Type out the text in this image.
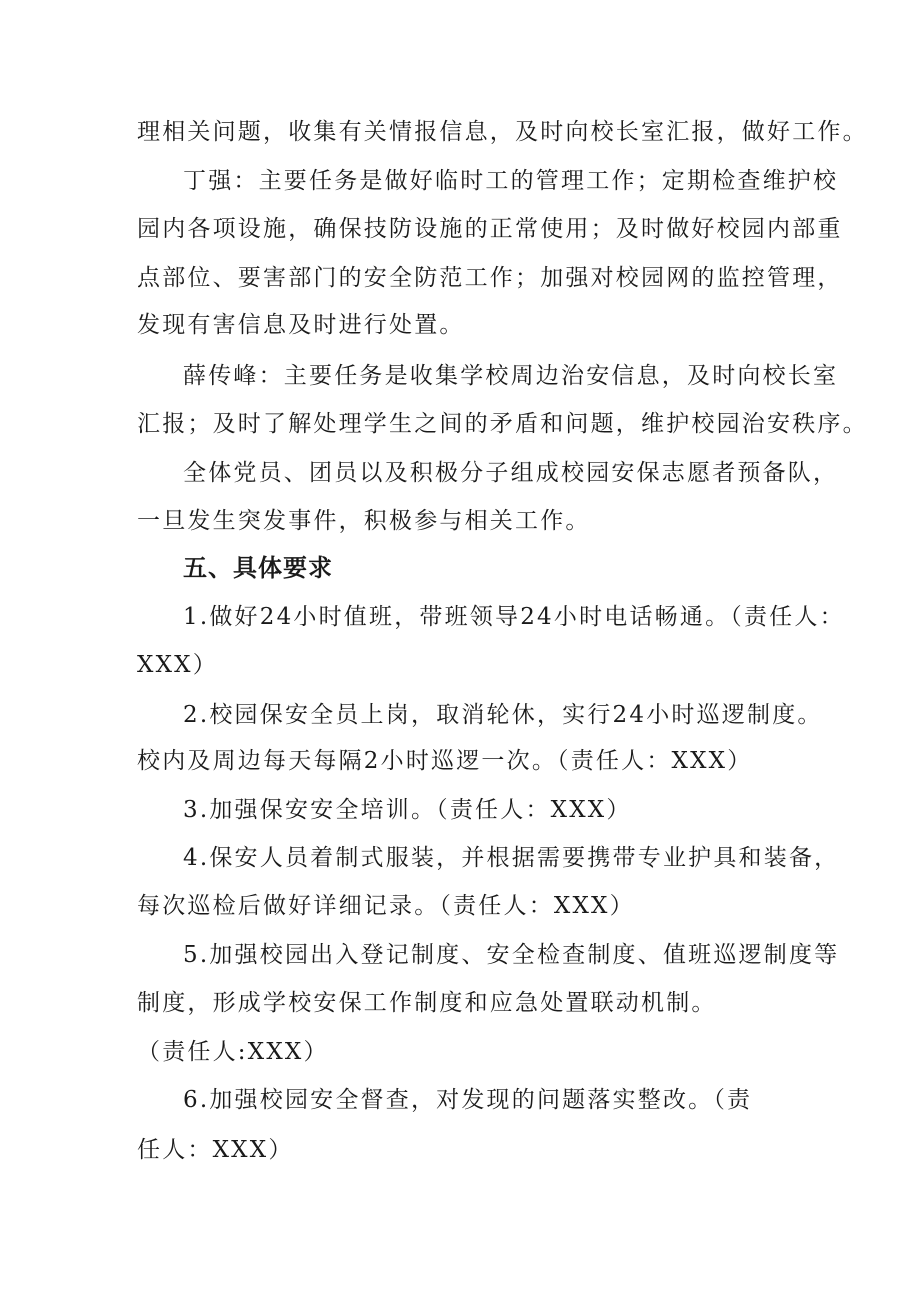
理相关问题，收集有关情报信息，及时向校长室汇报，做好工作。
丁强：主要任务是做好临时工的管理工作；定期检查维护校
园内各项设施，确保技防设施的正常使用；及时做好校园内部重
点部位、要害部门的安全防范工作；加强对校园网的监控管理，
发现有害信息及时进行处置。
薛传峰：主要任务是收集学校周边治安信息，及时向校长室
汇报；及时了解处理学生之间的矛盾和问题，维护校园治安秩序。
全体党员、团员以及积极分子组成校园安保志愿者预备队，
一旦发生突发事件，积极参与相关工作。
五、具体要求
1.做好24小时值班，带班领导24小时电话畅通。（责任人：
XXX）
2.校园保安全员上岗，取消轮休，实行24小时巡逻制度。
校内及周边每天每隔2小时巡逻一次。（责任人：XXX）
3.加强保安安全培训。（责任人：XXX）
4.保安人员着制式服装，并根据需要携带专业护具和装备，
每次巡检后做好详细记录。（责任人：XXX）
5.加强校园出入登记制度、安全检查制度、值班巡逻制度等
制度，形成学校安保工作制度和应急处置联动机制。
（责任人:XXX）
6.加强校园安全督查，对发现的问题落实整改。（责
任人：XXX）
